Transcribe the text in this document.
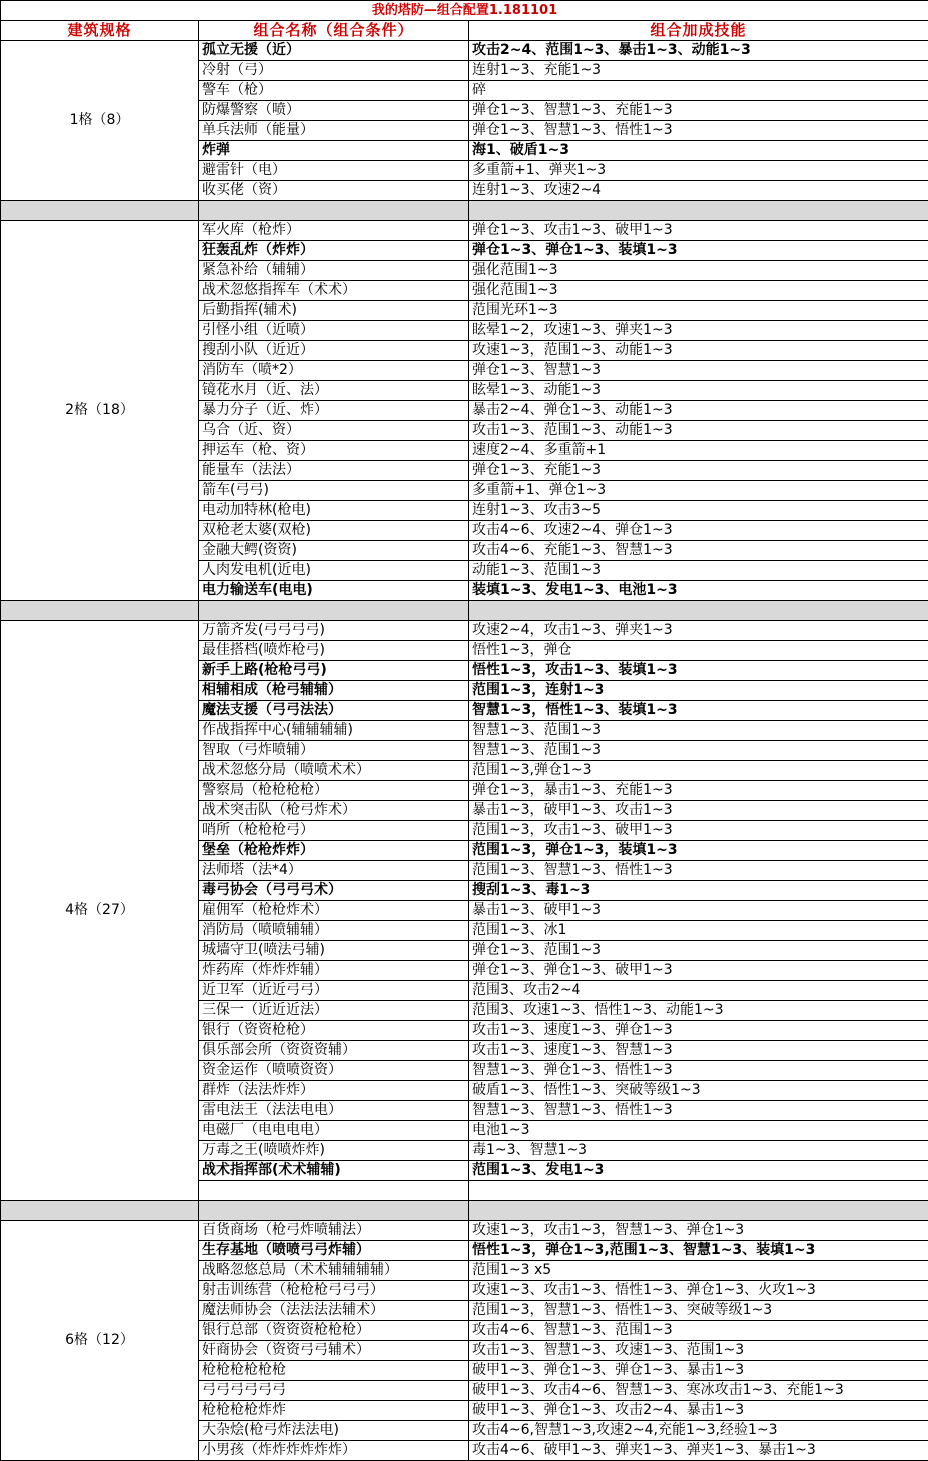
我的塔防—组合配置1.181101		
建筑规格	组合名称（组合条件）	组合加成技能
1格（8）	孤立无援（近）	攻击2~4、范围1~3、暴击1~3、动能1~3
	冷射（弓）	连射1~3、充能1~3
	警车（枪）	碎
	防爆警察（喷）	弹仓1~3、智慧1~3、充能1~3
	单兵法师（能量）	弹仓1~3、智慧1~3、悟性1~3
	炸弹	海1、破盾1~3
	避雷针（电）	多重箭+1、弹夹1~3
	收买佬（资）	连射1~3、攻速2~4

2格（18）	军火库（枪炸）	弹仓1~3、攻击1~3、破甲1~3
	狂轰乱炸（炸炸）	弹仓1~3、弹仓1~3、装填1~3
	紧急补给（辅辅）	强化范围1~3
	战术忽悠指挥车（术术）	强化范围1~3
	后勤指挥(辅术)	范围光环1~3
	引怪小组（近喷）	眩晕1~2，攻速1~3、弹夹1~3
	搜刮小队（近近）	攻速1~3，范围1~3、动能1~3
	消防车（喷*2）	弹仓1~3、智慧1~3
	镜花水月（近、法）	眩晕1~3、动能1~3
	暴力分子（近、炸）	暴击2~4、弹仓1~3、动能1~3
	乌合（近、资）	攻击1~3、范围1~3、动能1~3
	押运车（枪、资）	速度2~4、多重箭+1
	能量车（法法）	弹仓1~3、充能1~3
	箭车(弓弓)	多重箭+1、弹仓1~3
	电动加特林(枪电)	连射1~3、攻击3~5
	双枪老太婆(双枪)	攻击4~6、攻速2~4、弹仓1~3
	金融大鳄(资资)	攻击4~6、充能1~3、智慧1~3
	人肉发电机(近电)	动能1~3、范围1~3
	电力输送车(电电)	装填1~3、发电1~3、电池1~3

4格（27）	万箭齐发(弓弓弓弓)	攻速2~4，攻击1~3、弹夹1~3
	最佳搭档(喷炸枪弓)	悟性1~3，弹仓
	新手上路(枪枪弓弓)	悟性1~3，攻击1~3、装填1~3
	相辅相成（枪弓辅辅）	范围1~3，连射1~3
	魔法支援（弓弓法法）	智慧1~3，悟性1~3、装填1~3
	作战指挥中心(辅辅辅辅)	智慧1~3、范围1~3
	智取（弓炸喷辅）	智慧1~3、范围1~3
	战术忽悠分局（喷喷术术）	范围1~3,弹仓1~3
	警察局（枪枪枪枪）	弹仓1~3，暴击1~3、充能1~3
	战术突击队（枪弓炸术）	暴击1~3，破甲1~3、攻击1~3
	哨所（枪枪枪弓）	范围1~3，攻击1~3、破甲1~3
	堡垒（枪枪炸炸）	范围1~3，弹仓1~3，装填1~3
	法师塔（法*4）	范围1~3、智慧1~3、悟性1~3
	毒弓协会（弓弓弓术）	搜刮1~3、毒1~3
	雇佣军（枪枪炸术）	暴击1~3、破甲1~3
	消防局（喷喷辅辅）	范围1~3、冰1
	城墙守卫(喷法弓辅)	弹仓1~3、范围1~3
	炸药库（炸炸炸辅）	弹仓1~3、弹仓1~3、破甲1~3
	近卫军（近近弓弓）	范围3、攻击2~4
	三保一（近近近法）	范围3、攻速1~3、悟性1~3、动能1~3
	银行（资资枪枪）	攻击1~3、速度1~3、弹仓1~3
	俱乐部会所（资资资辅）	攻击1~3、速度1~3、智慧1~3
	资金运作（喷喷资资）	智慧1~3、弹仓1~3、悟性1~3
	群炸（法法炸炸）	破盾1~3、悟性1~3、突破等级1~3
	雷电法王（法法电电）	智慧1~3、智慧1~3、悟性1~3
	电磁厂（电电电电）	电池1~3
	万毒之王(喷喷炸炸)	毒1~3、智慧1~3
	战术指挥部(术术辅辅)	范围1~3、发电1~3

6格（12）	百货商场（枪弓炸喷辅法）	攻速1~3，攻击1~3，智慧1~3、弹仓1~3
	生存基地（喷喷弓弓炸辅）	悟性1~3，弹仓1~3,范围1~3、智慧1~3、装填1~3
	战略忽悠总局（术术辅辅辅辅）	范围1~3 x5
	射击训练营（枪枪枪弓弓弓）	攻速1~3、攻击1~3、悟性1~3、弹仓1~3、火攻1~3
	魔法师协会（法法法法辅术）	范围1~3，智慧1~3、悟性1~3、突破等级1~3
	银行总部（资资资枪枪枪）	攻击4~6、智慧1~3、范围1~3
	奸商协会（资资弓弓辅术）	攻击1~3、智慧1~3、攻速1~3、范围1~3
	枪枪枪枪枪枪	破甲1~3、弹仓1~3、弹仓1~3、暴击1~3
	弓弓弓弓弓弓	破甲1~3、攻击4~6、智慧1~3、寒冰攻击1~3、充能1~3
	枪枪枪枪炸炸	破甲1~3、弹仓1~3、攻击2~4、暴击1~3
	大杂烩(枪弓炸法法电)	攻击4~6,智慧1~3,攻速2~4,充能1~3,经验1~3
	小男孩（炸炸炸炸炸炸）	攻击4~6、破甲1~3、弹夹1~3、弹夹1~3、暴击1~3
